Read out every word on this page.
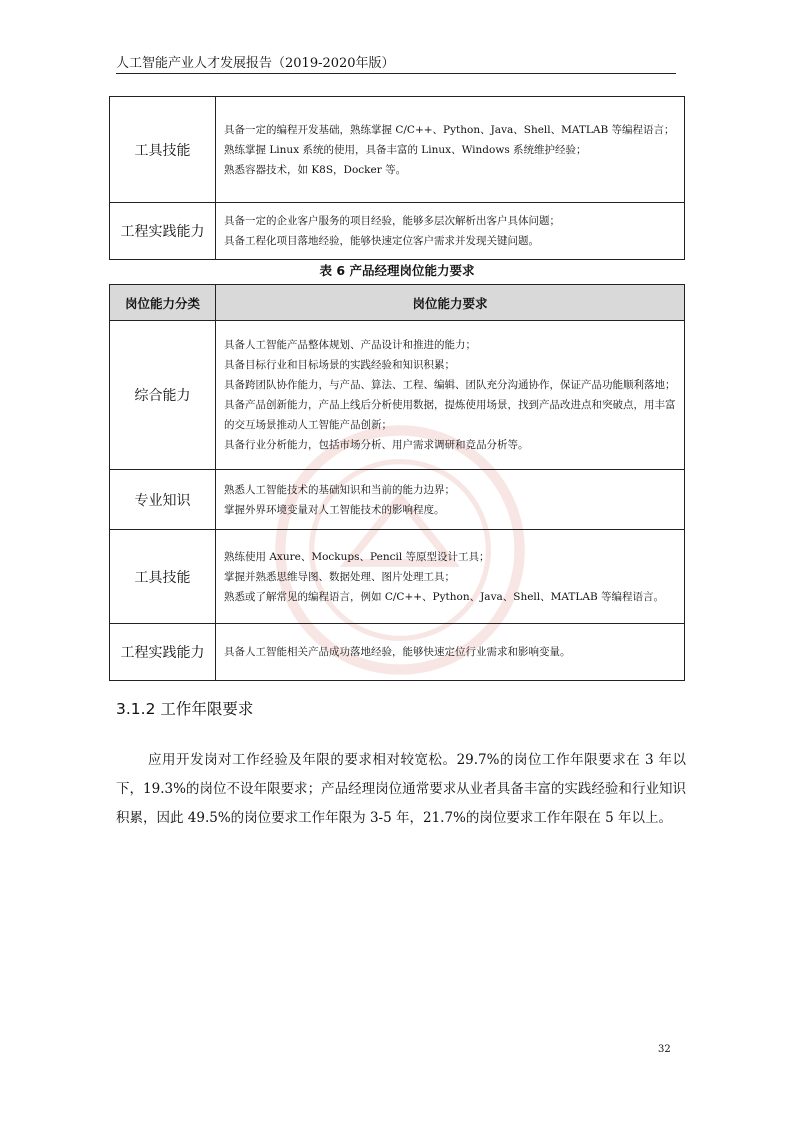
人工智能产业人才发展报告（2019-2020年版）
工具技能	具备一定的编程开发基础，熟练掌握 C/C++、Python、Java、Shell、MATLAB 等编程语言；
熟练掌握 Linux 系统的使用，具备丰富的 Linux、Windows 系统维护经验；
熟悉容器技术，如 K8S，Docker 等。

工程实践能力	具备一定的企业客户服务的项目经验，能够多层次解析出客户具体问题；
具备工程化项目落地经验，能够快速定位客户需求并发现关键问题。
表 6 产品经理岗位能力要求
岗位能力分类	岗位能力要求
综合能力	具备人工智能产品整体规划、产品设计和推进的能力；
具备目标行业和目标场景的实践经验和知识积累；
具备跨团队协作能力，与产品、算法、工程、编辑、团队充分沟通协作，保证产品功能顺利落地；
具备产品创新能力，产品上线后分析使用数据，提炼使用场景，找到产品改进点和突破点，用丰富的交互场景推动人工智能产品创新；
具备行业分析能力，包括市场分析、用户需求调研和竞品分析等。

专业知识	熟悉人工智能技术的基础知识和当前的能力边界；
掌握外界环境变量对人工智能技术的影响程度。

工具技能	熟练使用 Axure、Mockups、Pencil 等原型设计工具；
掌握并熟悉思维导图、数据处理、图片处理工具；
熟悉或了解常见的编程语言，例如 C/C++、Python、Java、Shell、MATLAB 等编程语言。

工程实践能力	具备人工智能相关产品成功落地经验，能够快速定位行业需求和影响变量。
3.1.2 工作年限要求
应用开发岗对工作经验及年限的要求相对较宽松。29.7%的岗位工作年限要求在 3 年以下，19.3%的岗位不设年限要求；产品经理岗位通常要求从业者具备丰富的实践经验和行业知识积累，因此 49.5%的岗位要求工作年限为 3-5 年，21.7%的岗位要求工作年限在 5 年以上。
32
